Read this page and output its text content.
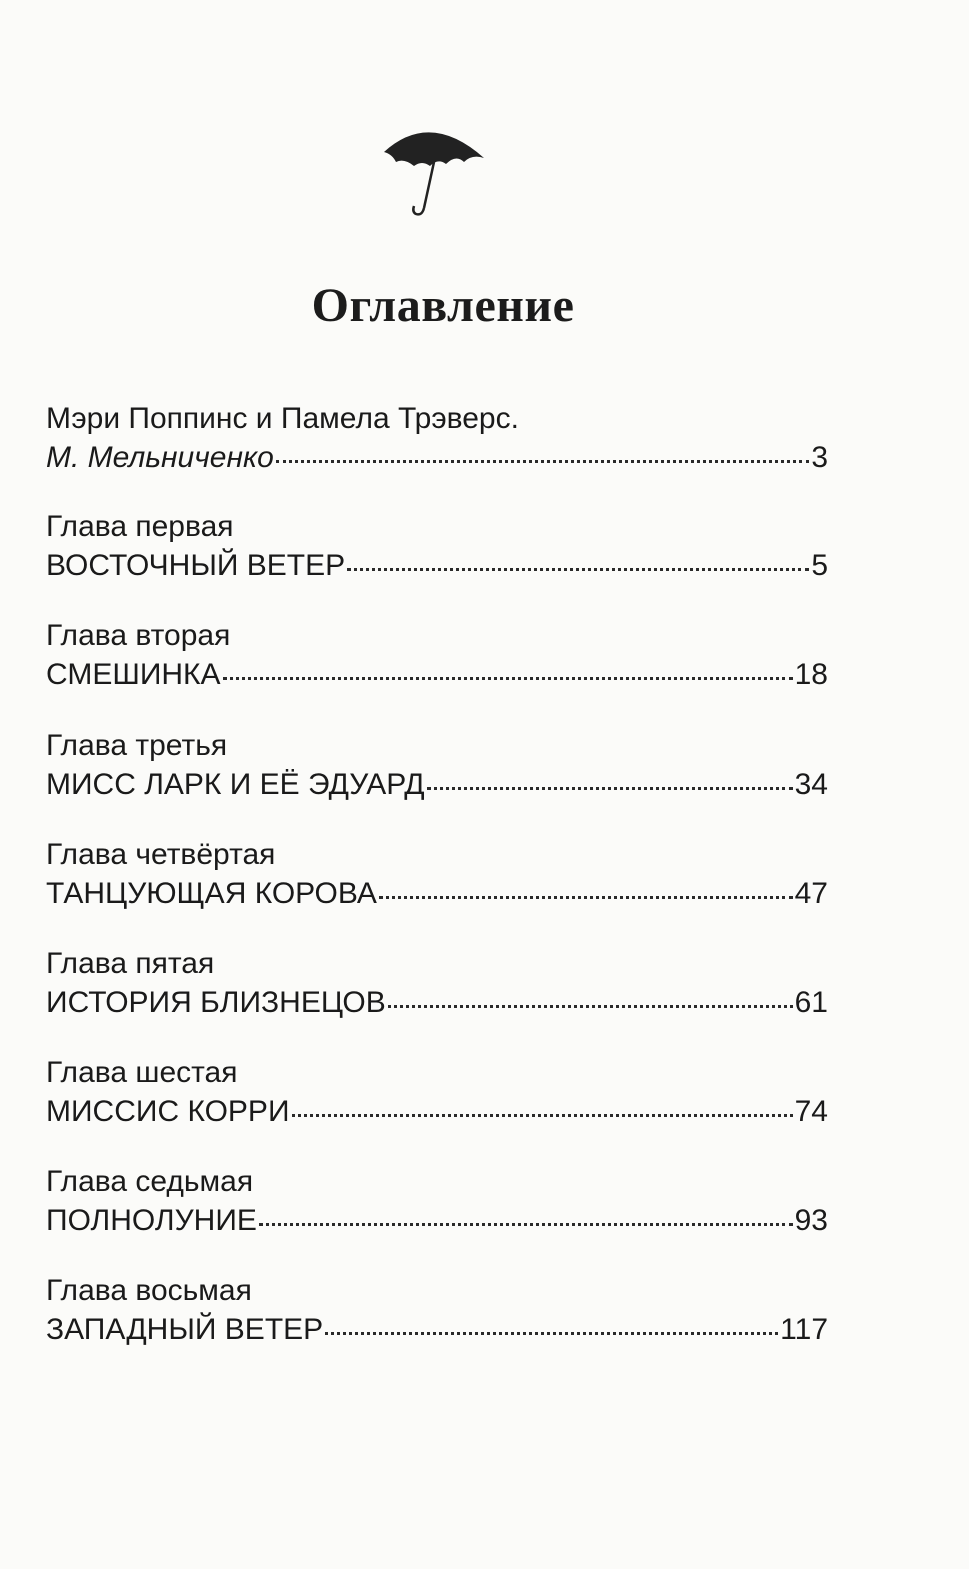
Оглавление
Мэри Поппинс и Памела Трэверс.
М. Мельниченко	3
Глава первая
ВОСТОЧНЫЙ ВЕТЕР	5
Глава вторая
СМЕШИНКА	18
Глава третья
МИСС ЛАРК И ЕЁ ЭДУАРД	34
Глава четвёртая
ТАНЦУЮЩАЯ КОРОВА	47
Глава пятая
ИСТОРИЯ БЛИЗНЕЦОВ	61
Глава шестая
МИССИС КОРРИ	74
Глава седьмая
ПОЛНОЛУНИЕ	93
Глава восьмая
ЗАПАДНЫЙ ВЕТЕР	117
